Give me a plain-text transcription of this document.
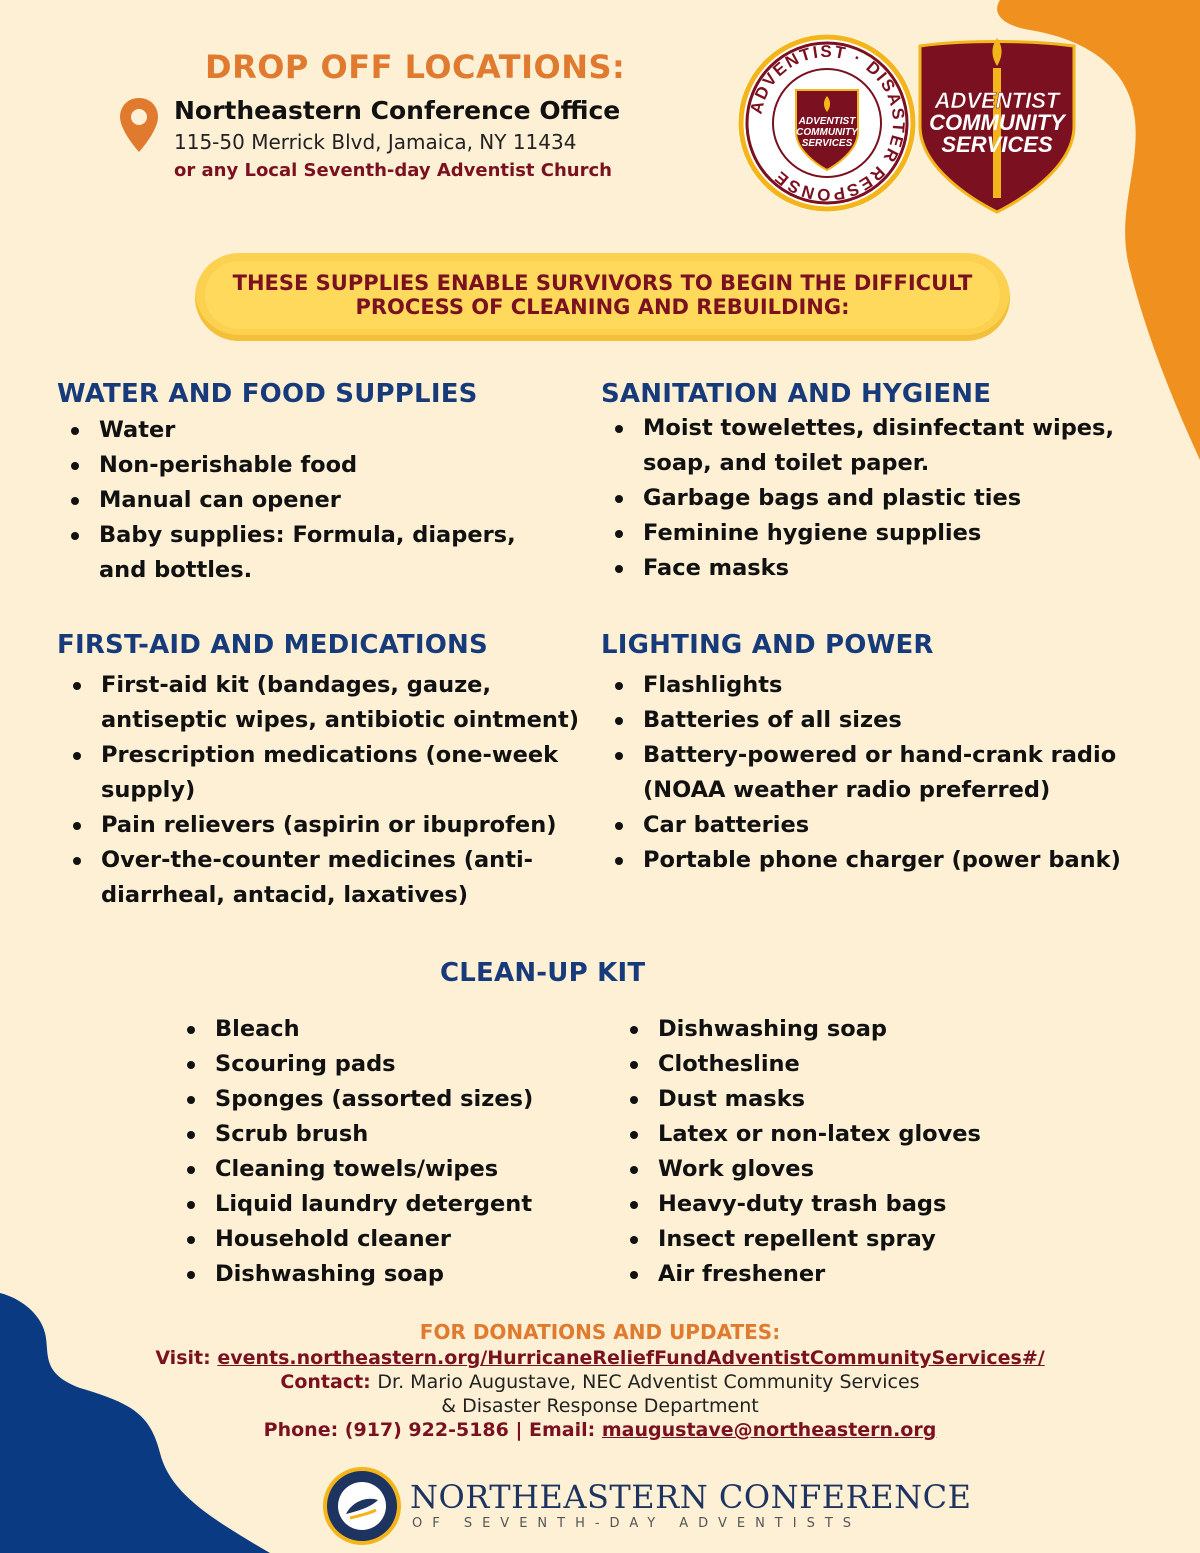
DROP OFF LOCATIONS:
Northeastern Conference Office
115-50 Merrick Blvd, Jamaica, NY 11434
or any Local Seventh-day Adventist Church
ADVENTIST · DISASTER RESPONSE
ADVENTIST
COMMUNITY
SERVICES
ADVENTIST
COMMUNITY
SERVICES
THESE SUPPLIES ENABLE SURVIVORS TO BEGIN THE DIFFICULT
PROCESS OF CLEANING AND REBUILDING:
WATER AND FOOD SUPPLIES
Water
Non-perishable food
Manual can opener
Baby supplies: Formula, diapers, and bottles.
SANITATION AND HYGIENE
Moist towelettes, disinfectant wipes, soap, and toilet paper.
Garbage bags and plastic ties
Feminine hygiene supplies
Face masks
FIRST-AID AND MEDICATIONS
First-aid kit (bandages, gauze, antiseptic wipes, antibiotic ointment)
Prescription medications (one-week supply)
Pain relievers (aspirin or ibuprofen)
Over-the-counter medicines (anti-diarrheal, antacid, laxatives)
LIGHTING AND POWER
Flashlights
Batteries of all sizes
Battery-powered or hand-crank radio (NOAA weather radio preferred)
Car batteries
Portable phone charger (power bank)
CLEAN-UP KIT
Bleach
Scouring pads
Sponges (assorted sizes)
Scrub brush
Cleaning towels/wipes
Liquid laundry detergent
Household cleaner
Dishwashing soap
Dishwashing soap
Clothesline
Dust masks
Latex or non-latex gloves
Work gloves
Heavy-duty trash bags
Insect repellent spray
Air freshener
FOR DONATIONS AND UPDATES:
Visit: events.northeastern.org/HurricaneReliefFundAdventistCommunityServices#/
Contact: Dr. Mario Augustave, NEC Adventist Community Services
& Disaster Response Department
Phone: (917) 922-5186 | Email: maugustave@northeastern.org
NORTHEASTERN CONFERENCE
OF SEVENTH-DAY ADVENTISTS
